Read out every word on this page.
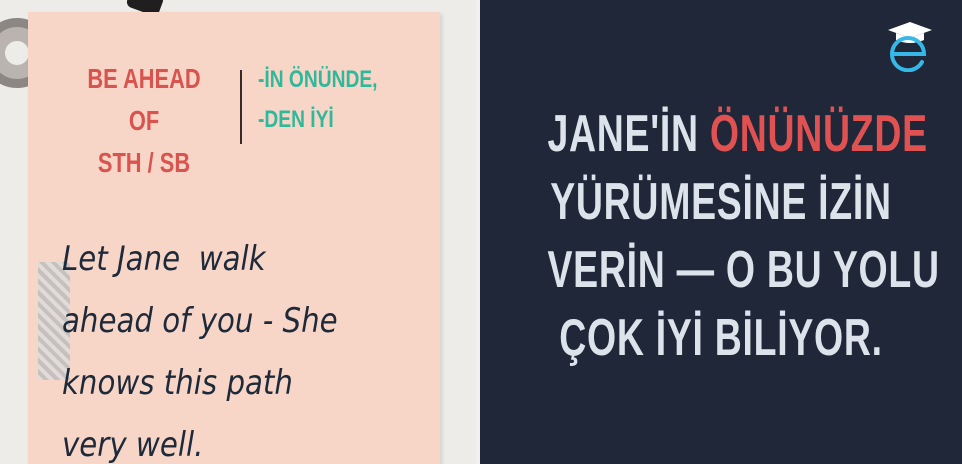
BE AHEAD OF
STH / SB
-İN ÖNÜNDE,
-DEN İYİ
Let Jane  walk
ahead of you - She
knows this path
very well.
JANE'İN ÖNÜNÜZDE
YÜRÜMESİNE İZİN
VERİN — O BU YOLU
ÇOK İYİ BİLİYOR.
